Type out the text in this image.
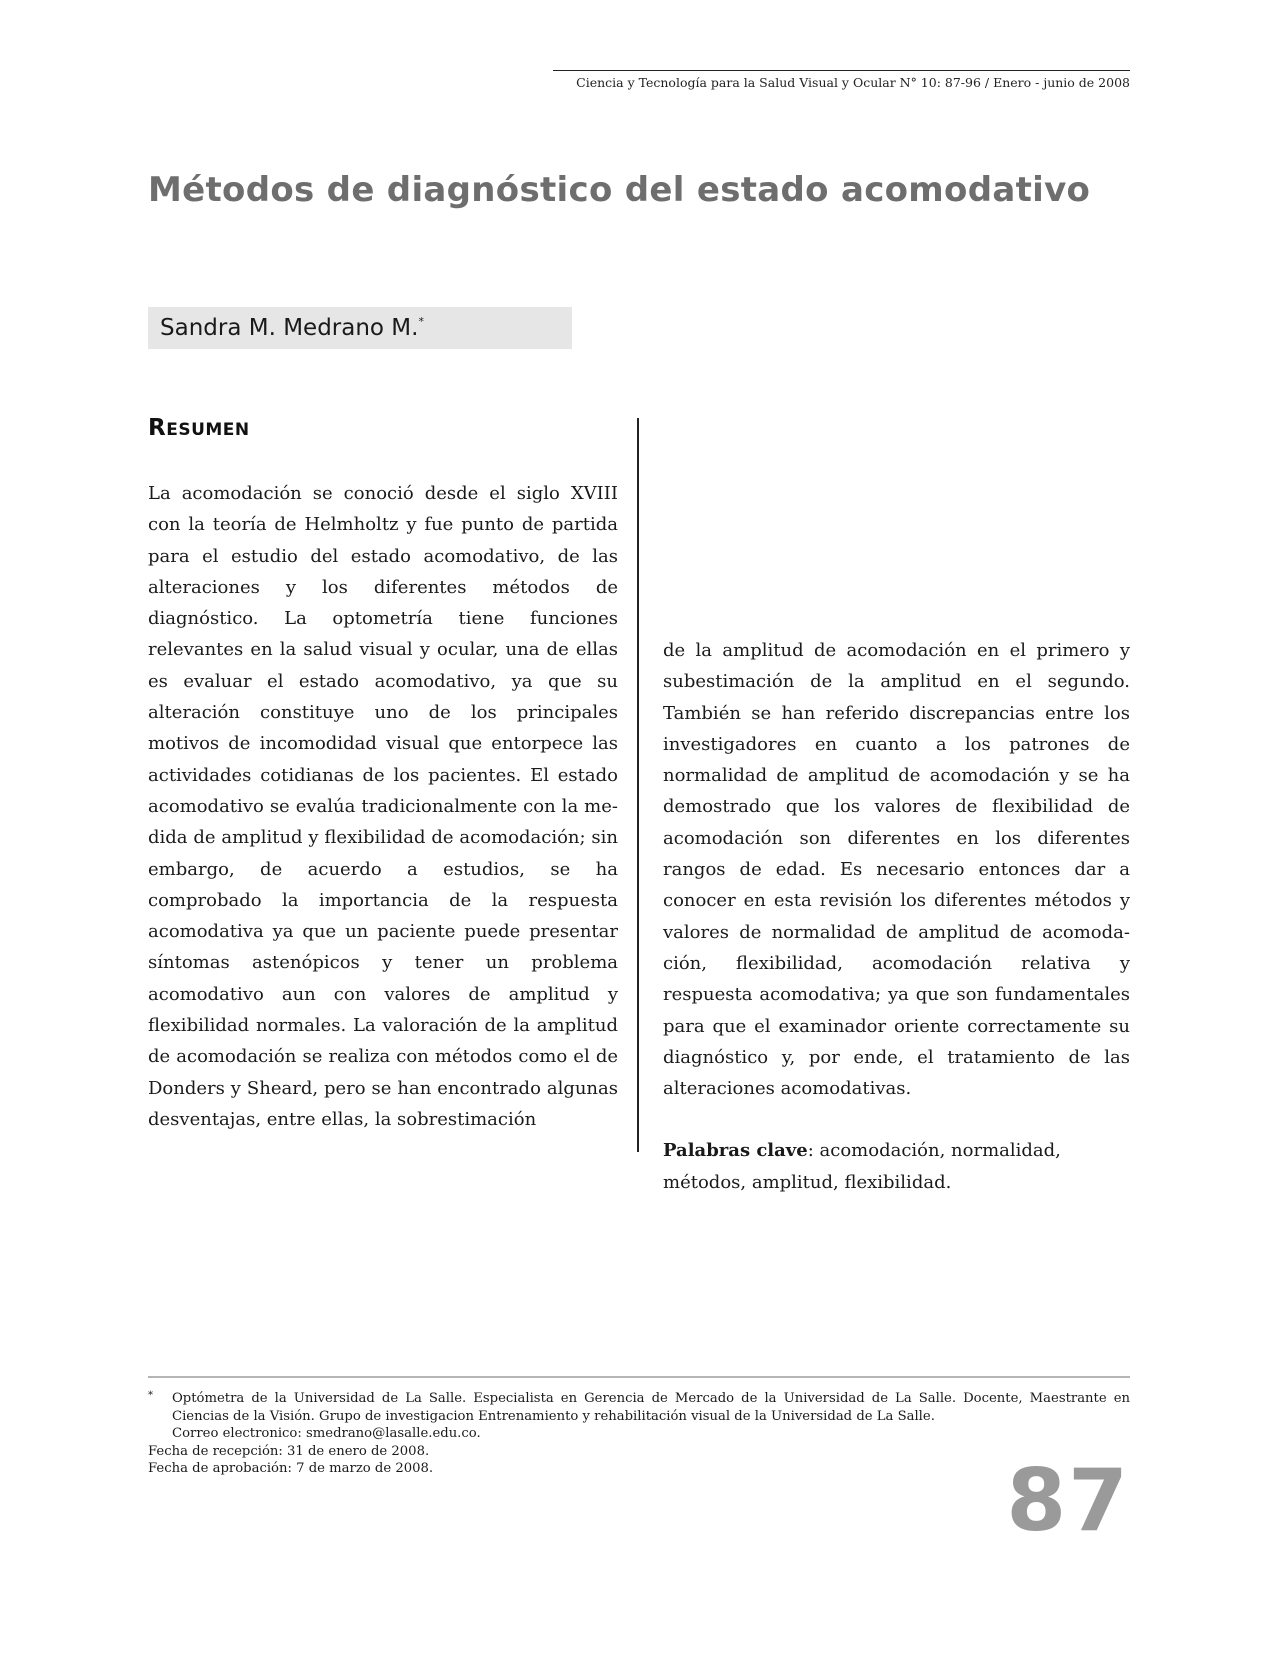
Ciencia y Tecnología para la Salud Visual y Ocular N° 10: 87-96 / Enero - junio de 2008
Métodos de diagnóstico del estado acomodativo
Sandra M. Medrano M.*
RESUMEN

La acomodación se conoció desde el siglo XVIII con la teoría de Helmholtz y fue punto de partida para el estudio del estado acomodativo, de las alteraciones y los diferentes métodos de diagnóstico. La optometría tiene funciones relevantes en la salud visual y ocular, una de ellas es evaluar el estado acomodativo, ya que su alteración constituye uno de los principales motivos de incomodidad visual que entorpece las actividades cotidianas de los pacientes. El estado acomodativo se evalúa tradicionalmente con la medida de amplitud y flexibilidad de acomodación; sin embargo, de acuerdo a estudios, se ha comprobado la importancia de la respuesta acomodativa ya que un paciente puede presentar síntomas astenópicos y tener un problema acomodativo aun con valores de amplitud y flexibilidad normales. La valoración de la amplitud de acomodación se realiza con métodos como el de Donders y Sheard, pero se han encontrado algunas desventajas, entre ellas, la sobrestimación

de la amplitud de acomodación en el primero y subestimación de la amplitud en el segundo. También se han referido discrepancias entre los investigadores en cuanto a los patrones de normalidad de amplitud de acomodación y se ha demostrado que los valores de flexibilidad de acomodación son diferentes en los diferentes rangos de edad. Es necesario entonces dar a conocer en esta revisión los diferentes métodos y valores de normalidad de amplitud de acomodación, flexibilidad, acomodación relativa y respuesta acomodativa; ya que son fundamentales para que el examinador oriente correctamente su diagnóstico y, por ende, el tratamiento de las alteraciones acomodativas.

Palabras clave: acomodación, normalidad, métodos, amplitud, flexibilidad.

* Optómetra de la Universidad de La Salle. Especialista en Gerencia de Mercado de la Universidad de La Salle. Docente, Maestrante en Ciencias de la Visión. Grupo de investigacion Entrenamiento y rehabilitación visual de la Universidad de La Salle.
Correo electronico: smedrano@lasalle.edu.co.
Fecha de recepción: 31 de enero de 2008.
Fecha de aprobación: 7 de marzo de 2008.	87
